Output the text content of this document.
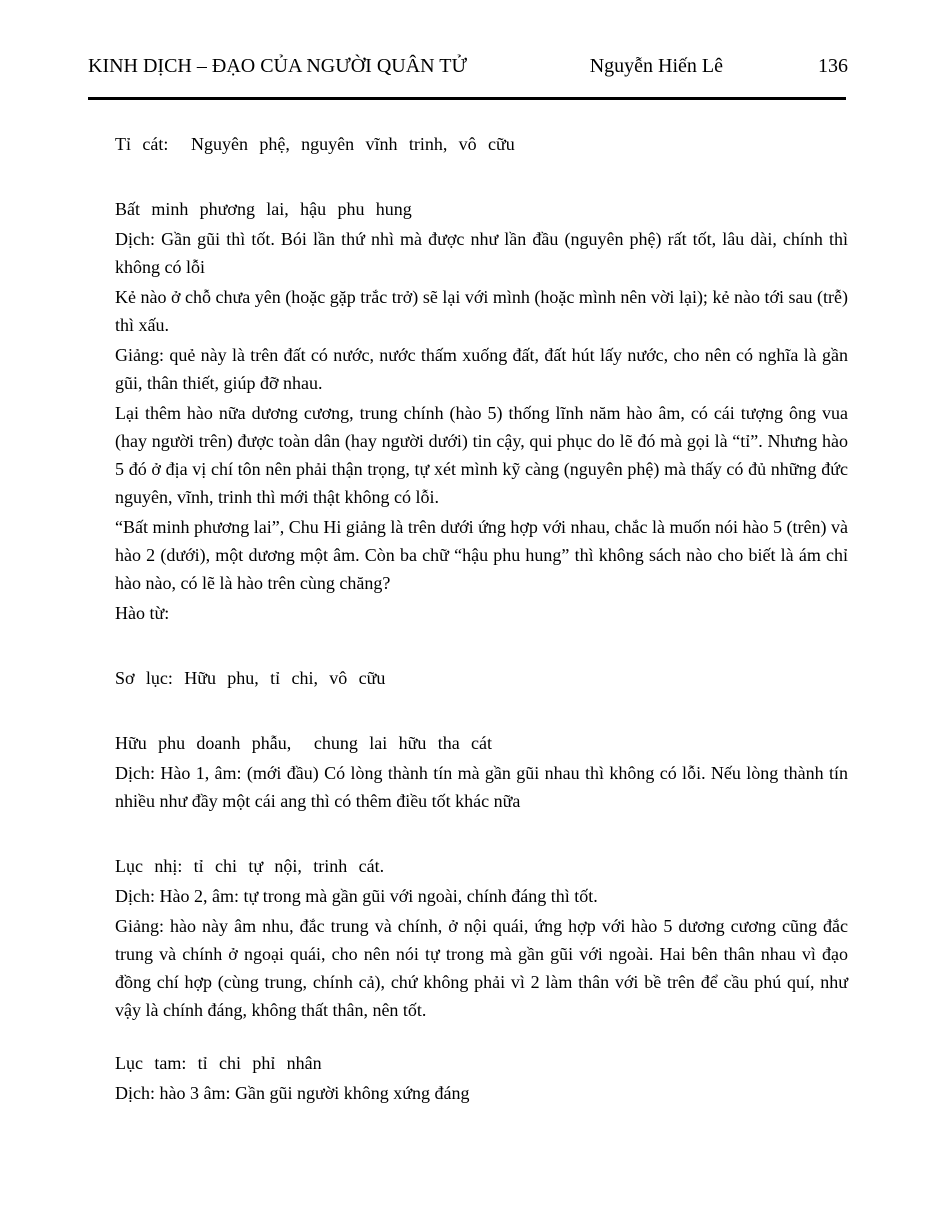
KINH DỊCH – ĐẠO CỦA NGƯỜI QUÂN TỬ	Nguyễn Hiến Lê	136

Tỉ cát:  Nguyên phệ, nguyên vĩnh trinh, vô cữu

Bất minh phương lai, hậu phu hung

Dịch: Gần gũi thì tốt. Bói lần thứ nhì mà được như lần đầu (nguyên phệ) rất tốt, lâu dài, chính thì không có lỗi

Kẻ nào ở chỗ chưa yên (hoặc gặp trắc trở) sẽ lại với mình (hoặc mình nên vời lại); kẻ nào tới sau (trễ) thì xấu.

Giảng: quẻ này là trên đất có nước, nước thấm xuống đất, đất hút lấy nước, cho nên có nghĩa là gần gũi, thân thiết, giúp đỡ nhau.

Lại thêm hào nữa dương cương, trung chính (hào 5) thống lĩnh năm hào âm, có cái tượng ông vua (hay người trên) được toàn dân (hay người dưới) tin cậy, qui phục do lẽ đó mà gọi là “tỉ”. Nhưng hào 5 đó ở địa vị chí tôn nên phải thận trọng, tự xét mình kỹ càng (nguyên phệ) mà thấy có đủ những đức nguyên, vĩnh, trinh thì mới thật không có lỗi.

“Bất minh phương lai”, Chu Hi giảng là trên dưới ứng hợp với nhau, chắc là muốn nói hào 5 (trên) và hào 2 (dưới), một dương một âm. Còn ba chữ “hậu phu hung” thì không sách nào cho biết là ám chỉ hào nào, có lẽ là hào trên cùng chăng?

Hào từ:

Sơ lục: Hữu phu, tỉ chi, vô cữu

Hữu phu doanh phẫu,  chung lai hữu tha cát

Dịch: Hào 1, âm: (mới đầu) Có lòng thành tín mà gần gũi nhau thì không có lỗi. Nếu lòng thành tín nhiều như đầy một cái ang thì có thêm điều tốt khác nữa

Lục nhị: tỉ chi tự nội, trinh cát.

Dịch: Hào 2, âm: tự trong mà gần gũi với ngoài, chính đáng thì tốt.

Giảng: hào này âm nhu, đắc trung và chính, ở nội quái, ứng hợp với hào 5 dương cương cũng đắc trung và chính ở ngoại quái, cho nên nói tự trong mà gần gũi với ngoài. Hai bên thân nhau vì đạo đồng chí hợp (cùng trung, chính cả), chứ không phải vì 2 làm thân với bề trên để cầu phú quí, như vậy là chính đáng, không thất thân, nên tốt.

Lục tam: tỉ chi phỉ nhân

Dịch: hào 3 âm: Gần gũi người không xứng đáng
